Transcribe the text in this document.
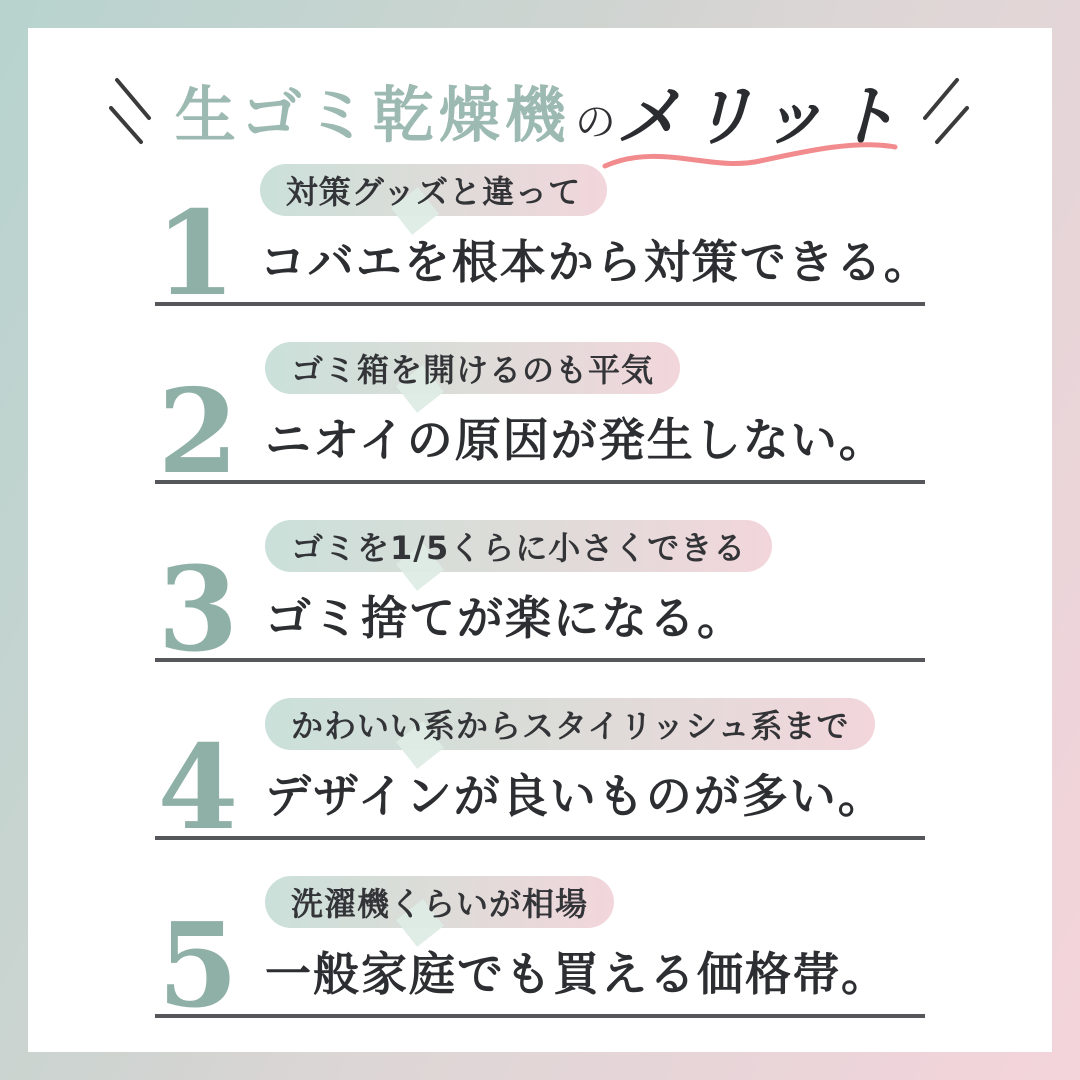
生ゴミ乾燥機 の メリット
1 対策グッズと違って
コバエを根本から対策できる。
2 ゴミ箱を開けるのも平気
ニオイの原因が発生しない。
3 ゴミを1/5くらに小さくできる
ゴミ捨てが楽になる。
4 かわいい系からスタイリッシュ系まで
デザインが良いものが多い。
5 洗濯機くらいが相場
一般家庭でも買える価格帯。
